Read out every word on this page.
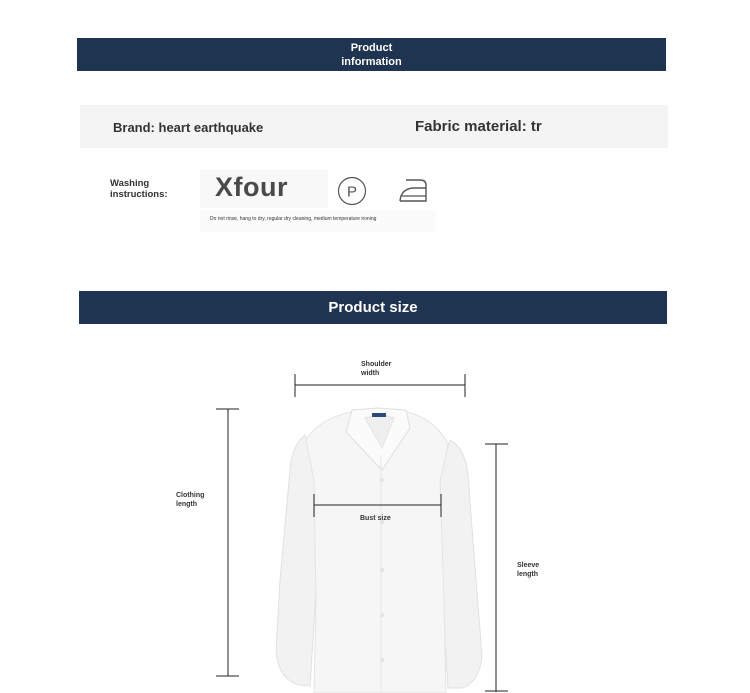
Product information
Brand: heart earthquake	Fabric material: tr
Washing instructions:	Xfour
Do not rinse, hang to dry, regular dry cleaning, medium temperature ironing
P
Product size
Shoulder width
Bust size
Clothing length
Sleeve length
